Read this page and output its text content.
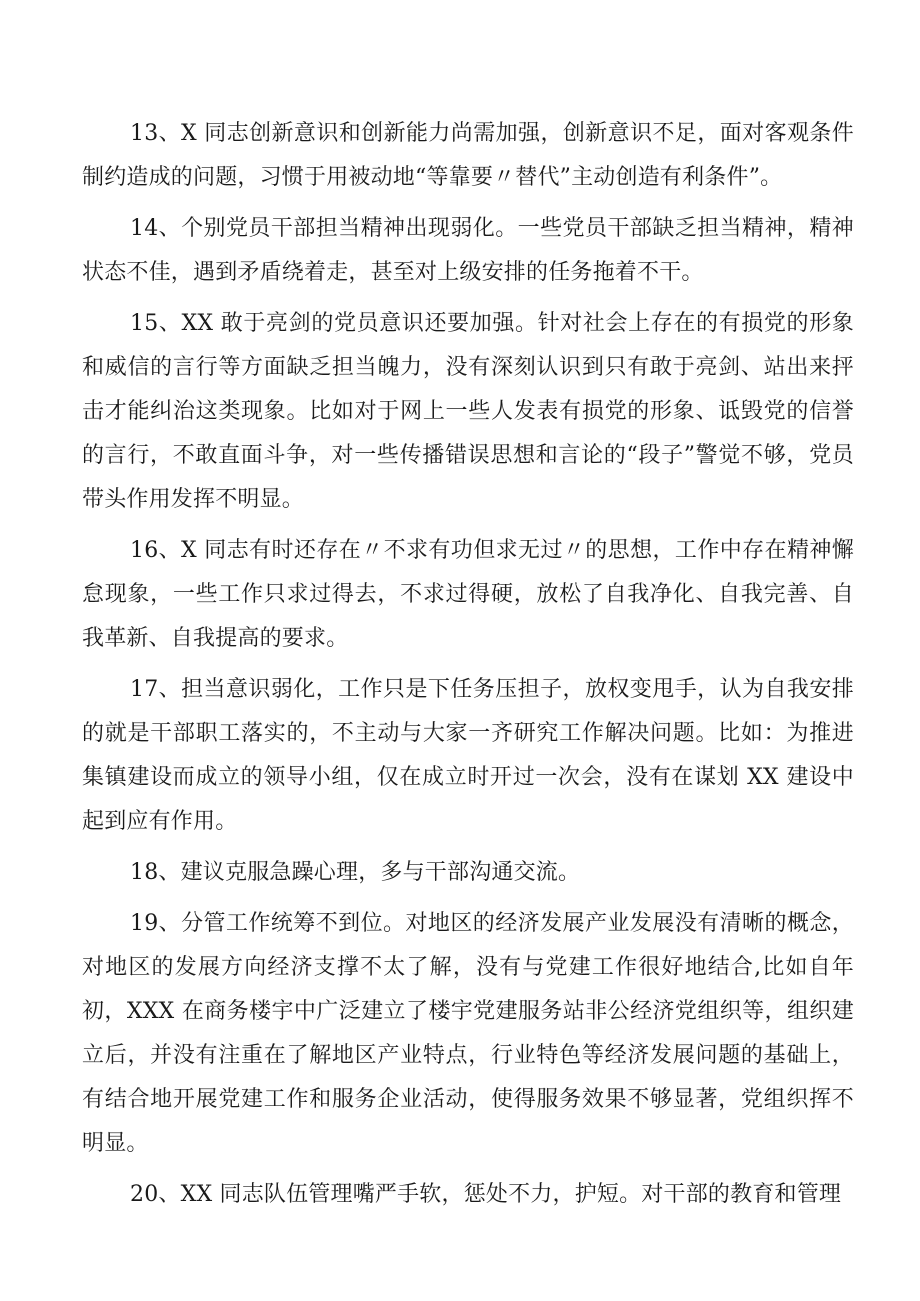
13、X 同志创新意识和创新能力尚需加强，创新意识不足，面对客观条件制约造成的问题，习惯于用被动地“等靠要〃替代”主动创造有利条件”。

14、个别党员干部担当精神出现弱化。一些党员干部缺乏担当精神，精神状态不佳，遇到矛盾绕着走，甚至对上级安排的任务拖着不干。

15、XX 敢于亮剑的党员意识还要加强。针对社会上存在的有损党的形象和威信的言行等方面缺乏担当魄力，没有深刻认识到只有敢于亮剑、站出来抨击才能纠治这类现象。比如对于网上一些人发表有损党的形象、诋毁党的信誉的言行，不敢直面斗争，对一些传播错误思想和言论的“段子”警觉不够，党员带头作用发挥不明显。

16、X 同志有时还存在〃不求有功但求无过〃的思想，工作中存在精神懈怠现象，一些工作只求过得去，不求过得硬，放松了自我净化、自我完善、自我革新、自我提高的要求。

17、担当意识弱化，工作只是下任务压担子，放权变甩手，认为自我安排的就是干部职工落实的，不主动与大家一齐研究工作解决问题。比如：为推进集镇建设而成立的领导小组，仅在成立时开过一次会，没有在谋划 XX 建设中起到应有作用。

18、建议克服急躁心理，多与干部沟通交流。

19、分管工作统筹不到位。对地区的经济发展产业发展没有清晰的概念，对地区的发展方向经济支撑不太了解，没有与党建工作很好地结合,比如自年初，XXX 在商务楼宇中广泛建立了楼宇党建服务站非公经济党组织等，组织建立后，并没有注重在了解地区产业特点，行业特色等经济发展问题的基础上，有结合地开展党建工作和服务企业活动，使得服务效果不够显著，党组织挥不明显。

20、XX 同志队伍管理嘴严手软，惩处不力，护短。对干部的教育和管理
